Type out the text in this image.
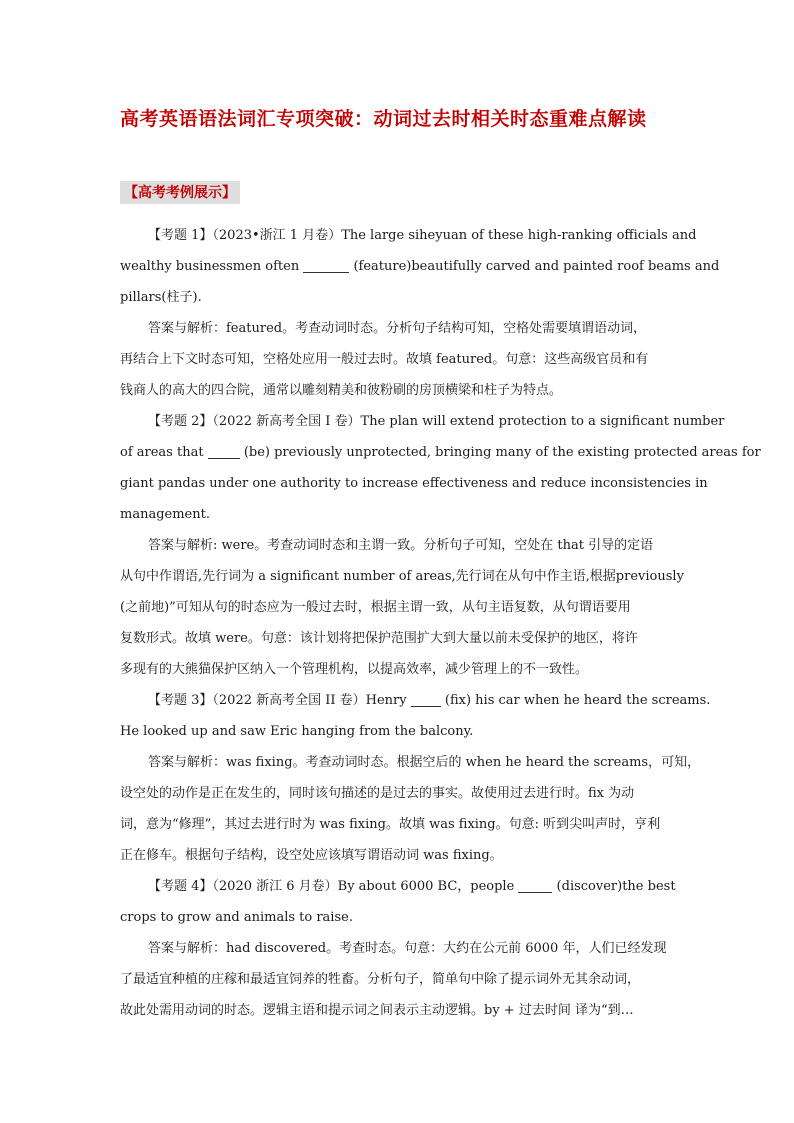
高考英语语法词汇专项突破：动词过去时相关时态重难点解读
【高考考例展示】
【考题 1】（2023•浙江 1 月卷）The large siheyuan of these high-ranking officials and
wealthy businessmen often	(feature)beautifully carved and painted roof beams and
pillars(柱子).
答案与解析：featured。考查动词时态。分析句子结构可知，空格处需要填谓语动词，
再结合上下文时态可知，空格处应用一般过去时。故填 featured。句意：这些高级官员和有
钱商人的高大的四合院，通常以雕刻精美和彼粉刷的房顶横梁和柱子为特点。
【考题 2】（2022 新高考全国 I 卷）The plan will extend protection to a significant number
of areas that  (be) previously unprotected, bringing many of the existing protected areas for
giant pandas under one authority to increase effectiveness and reduce inconsistencies in
management.
答案与解析: were。考查动词时态和主谓一致。分析句子可知，空处在 that 引导的定语
从句中作谓语,先行词为 a significant number of areas,先行词在从句中作主语,根据previously
(之前地)”可知从句的时态应为一般过去时，根据主谓一致，从句主语复数，从句谓语要用
复数形式。故填 were。句意：该计划将把保护范围扩大到大量以前未受保护的地区，将许
多现有的大熊猫保护区纳入一个管理机构，以提高效率，减少管理上的不一致性。
【考题 3】（2022 新高考全国 II 卷）Henry  (fix) his car when he heard the screams.
He looked up and saw Eric hanging from the balcony.
答案与解析：was fixing。考查动词时态。根据空后的 when he heard the screams，可知，
设空处的动作是正在发生的，同时该句描述的是过去的事实。故使用过去进行时。fix 为动
词，意为“修理”，其过去进行时为 was fixing。故填 was fixing。句意: 听到尖叫声时，亨利
正在修车。根据句子结构，设空处应该填写谓语动词 was fixing。
【考题 4】（2020 浙江 6 月卷）By about 6000 BC，people	(discover)the best
crops to grow and animals to raise.
答案与解析：had discovered。考查时态。句意：大约在公元前 6000 年，人们已经发现
了最适宜种植的庄稼和最适宜饲养的牲畜。分析句子，简单句中除了提示词外无其余动词，
故此处需用动词的时态。逻辑主语和提示词之间表示主动逻辑。by + 过去时间 译为“到…
